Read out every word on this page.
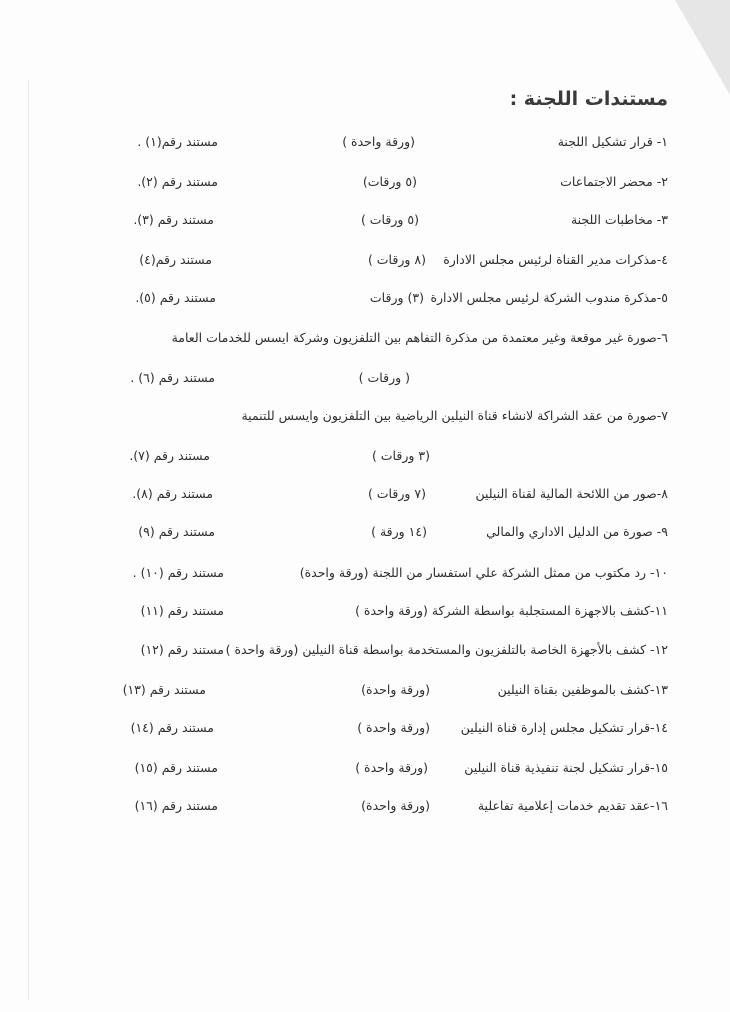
مستندات اللجنة :
١- قرار تشكيل اللجنة
(ورقة واحدة )
مستند رقم(١) .
٢- محضر الاجتماعات
(٥ ورقات)
مستند رقم (٢).
٣- مخاطبات اللجنة
(٥ ورقات )
مستند رقم (٣).
٤-مذكرات مدير القناة لرئيس مجلس الادارة
(٨ ورقات )
مستند رقم(٤)
٥-مذكرة مندوب الشركة لرئيس مجلس الادارة
(٣) ورقات
مستند رقم (٥).
٦-صورة غير موقعة وغير معتمدة من مذكرة التفاهم بين التلفزيون وشركة ايسس للخدمات العامة
( ورقات )
مستند رقم (٦) .
٧-صورة من عقد الشراكة لانشاء قناة النيلين الرياضية بين التلفزيون وايسس للتنمية
(٣ ورقات )
مستند رقم (٧).
٨-صور من اللائحة المالية لقناة النيلين
(٧ ورقات )
مستند رقم (٨).
٩- صورة من الدليل الاداري والمالي
(١٤ ورقة )
مستند رقم (٩)
١٠- رد مكتوب من ممثل الشركة علي استفسار من اللجنة (ورقة واحدة)
مستند رقم (١٠) .
١١-كشف بالاجهزة المستجلبة بواسطة الشركة (ورقة واحدة )
مستند رقم (١١)
١٢- كشف بالأجهزة الخاصة بالتلفزيون والمستخدمة بواسطة قناة النيلين (ورقة واحدة )
مستند رقم (١٢)
١٣-كشف بالموظفين بقناة النيلين
(ورقة واحدة)
مستند رقم (١٣)
١٤-قرار تشكيل مجلس إدارة قناة النيلين
(ورقة واحدة )
مستند رقم (١٤)
١٥-قرار تشكيل لجنة تنفيذية قناة النيلين
(ورقة واحدة )
مستند رقم (١٥)
١٦-عقد تقديم خدمات إعلامية تفاعلية
(ورقة واحدة)
مستند رقم (١٦)
